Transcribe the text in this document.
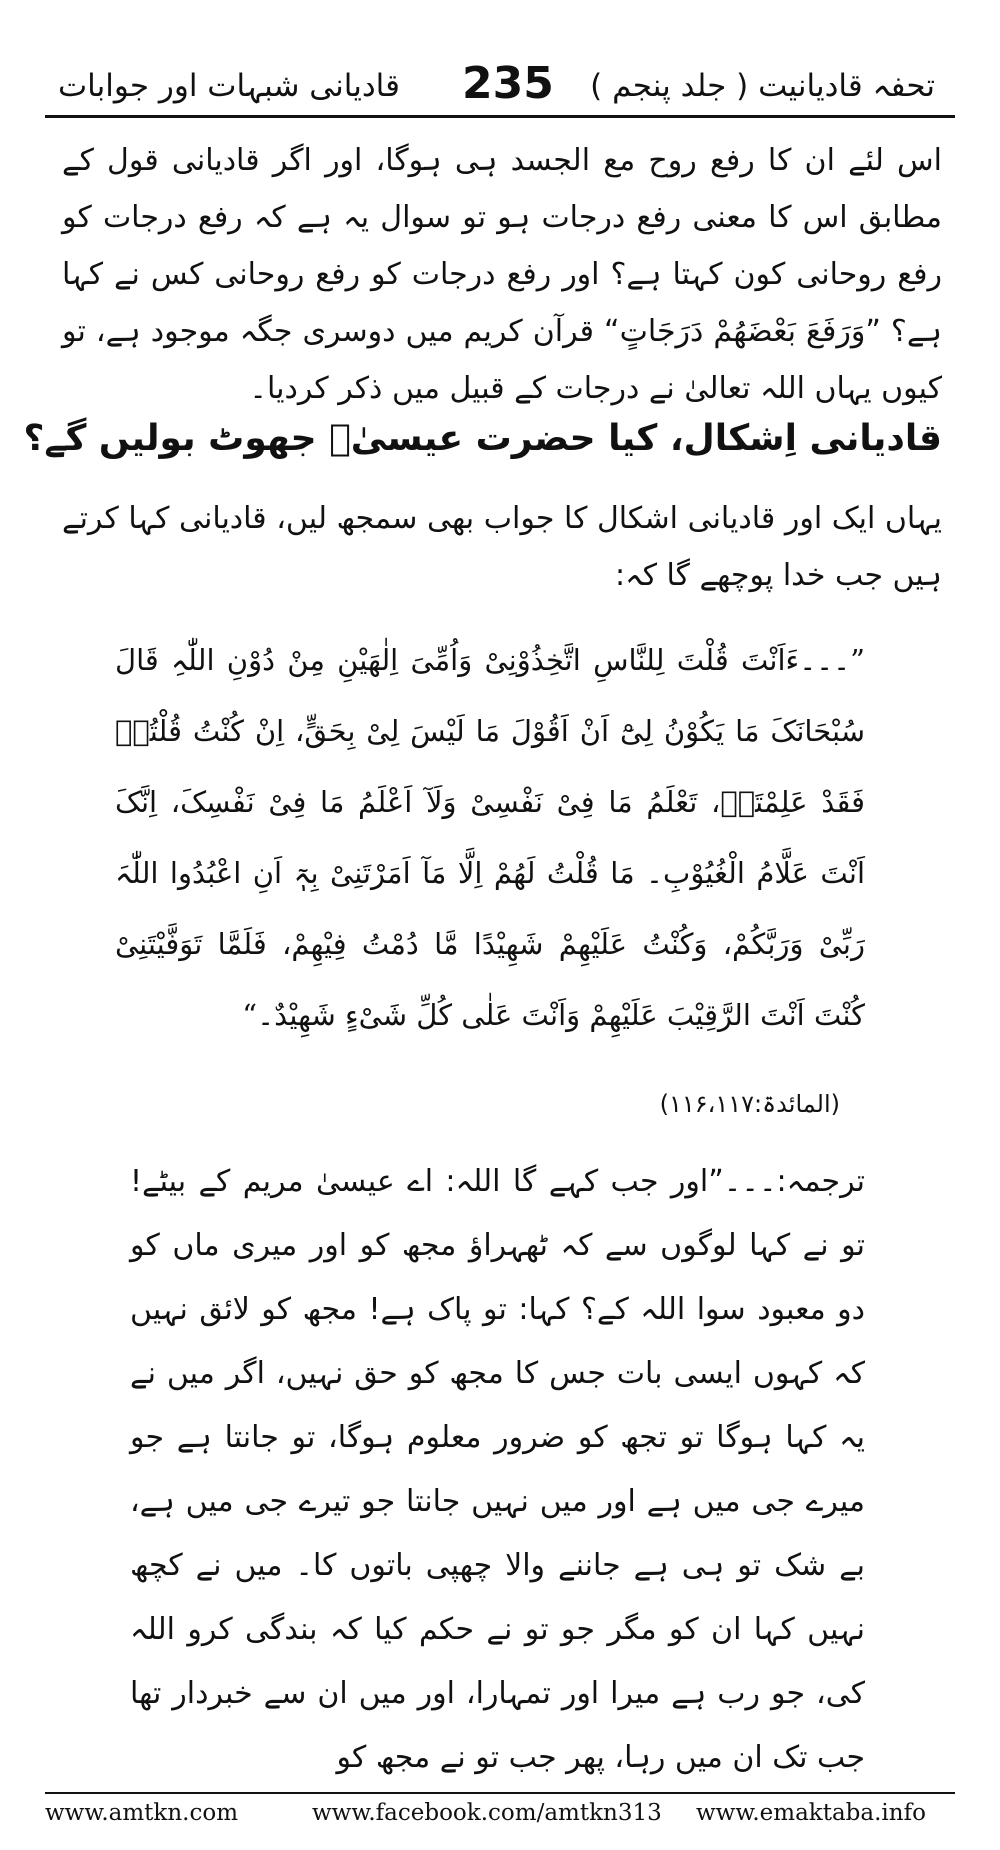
تحفہ قادیانیت ( جلد پنجم )
235
قادیانی شبہات اور جوابات

اس لئے ان کا رفع روح مع الجسد ہی ہوگا، اور اگر قادیانی قول کے مطابق اس کا معنی رفع درجات ہو تو سوال یہ ہے کہ رفع درجات کو رفع روحانی کون کہتا ہے؟ اور رفع درجات کو رفع روحانی کس نے کہا ہے؟ ”وَرَفَعَ بَعْضَھُمْ دَرَجَاتٍ“ قرآن کریم میں دوسری جگہ موجود ہے، تو کیوں یہاں اللہ تعالیٰ نے درجات کے قبیل میں ذکر کردیا۔

قادیانی اِشکال، کیا حضرت عیسیٰؑ جھوٹ بولیں گے؟

یہاں ایک اور قادیانی اشکال کا جواب بھی سمجھ لیں، قادیانی کہا کرتے ہیں جب خدا پوچھے گا کہ:

”۔۔۔ءَاَنْتَ قُلْتَ لِلنَّاسِ اتَّخِذُوْنِیْ وَاُمِّیَ اِلٰھَیْنِ مِنْ دُوْنِ اللّٰہِ قَالَ سُبْحَانَکَ مَا یَکُوْنُ لِیْٓ اَنْ اَقُوْلَ مَا لَیْسَ لِیْ بِحَقٍّ، اِنْ کُنْتُ قُلْتُہٗ فَقَدْ عَلِمْتَہٗ، تَعْلَمُ مَا فِیْ نَفْسِیْ وَلَآ اَعْلَمُ مَا فِیْ نَفْسِکَ، اِنَّکَ اَنْتَ عَلَّامُ الْغُیُوْبِ۔ مَا قُلْتُ لَھُمْ اِلَّا مَآ اَمَرْتَنِیْ بِہٖٓ اَنِ اعْبُدُوا اللّٰہَ رَبِّیْ وَرَبَّکُمْ، وَکُنْتُ عَلَیْھِمْ شَھِیْدًا مَّا دُمْتُ فِیْھِمْ، فَلَمَّا تَوَفَّیْتَنِیْ کُنْتَ اَنْتَ الرَّقِیْبَ عَلَیْھِمْ وَاَنْتَ عَلٰی کُلِّ شَیْءٍ شَھِیْدٌ۔“

(المائدۃ:۱۱۶،۱۱۷)

ترجمہ:۔۔۔”اور جب کہے گا اللہ: اے عیسیٰ مریم کے بیٹے! تو نے کہا لوگوں سے کہ ٹھہراؤ مجھ کو اور میری ماں کو دو معبود سوا اللہ کے؟ کہا: تو پاک ہے! مجھ کو لائق نہیں کہ کہوں ایسی بات جس کا مجھ کو حق نہیں، اگر میں نے یہ کہا ہوگا تو تجھ کو ضرور معلوم ہوگا، تو جانتا ہے جو میرے جی میں ہے اور میں نہیں جانتا جو تیرے جی میں ہے، بے شک تو ہی ہے جاننے والا چھپی باتوں کا۔ میں نے کچھ نہیں کہا ان کو مگر جو تو نے حکم کیا کہ بندگی کرو اللہ کی، جو رب ہے میرا اور تمہارا، اور میں ان سے خبردار تھا جب تک ان میں رہا، پھر جب تو نے مجھ کو

www.amtkn.com	www.facebook.com/amtkn313 www.emaktaba.info
